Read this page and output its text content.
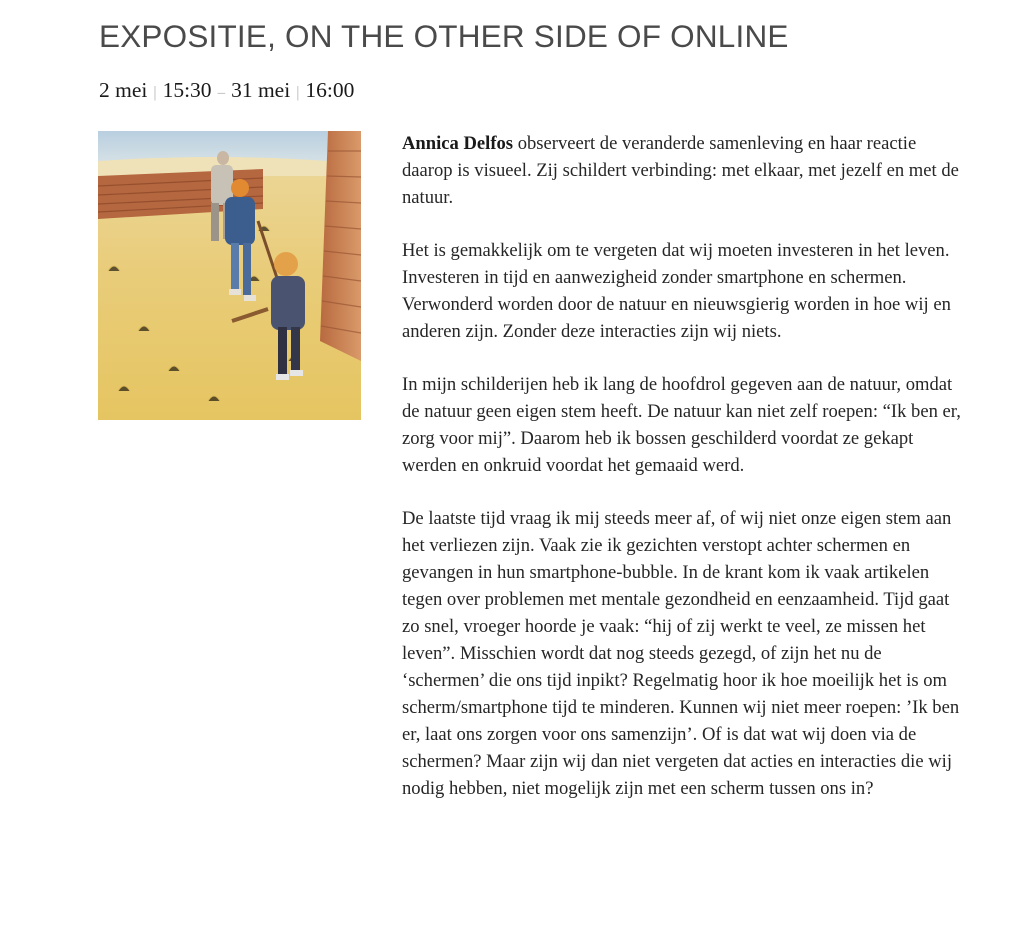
EXPOSITIE, ON THE OTHER SIDE OF ONLINE
2 mei | 15:30 – 31 mei | 16:00

Annica Delfos observeert de veranderde samenleving en haar reactie daarop is visueel. Zij schildert verbinding: met elkaar, met jezelf en met de natuur.

Het is gemakkelijk om te vergeten dat wij moeten investeren in het leven. Investeren in tijd en aanwezigheid zonder smartphone en schermen. Verwonderd worden door de natuur en nieuwsgierig worden in hoe wij en anderen zijn. Zonder deze interacties zijn wij niets.

In mijn schilderijen heb ik lang de hoofdrol gegeven aan de natuur, omdat de natuur geen eigen stem heeft. De natuur kan niet zelf roepen: “Ik ben er, zorg voor mij”. Daarom heb ik bossen geschilderd voordat ze gekapt werden en onkruid voordat het gemaaid werd.

De laatste tijd vraag ik mij steeds meer af, of wij niet onze eigen stem aan het verliezen zijn. Vaak zie ik gezichten verstopt achter schermen en gevangen in hun smartphone-bubble. In de krant kom ik vaak artikelen tegen over problemen met mentale gezondheid en eenzaamheid. Tijd gaat zo snel, vroeger hoorde je vaak: “hij of zij werkt te veel, ze missen het leven”. Misschien wordt dat nog steeds gezegd, of zijn het nu de ‘schermen’ die ons tijd inpikt? Regelmatig hoor ik hoe moeilijk het is om scherm/smartphone tijd te minderen. Kunnen wij niet meer roepen: ’Ik ben er, laat ons zorgen voor ons samenzijn’. Of is dat wat wij doen via de schermen? Maar zijn wij dan niet vergeten dat acties en interacties die wij nodig hebben, niet mogelijk zijn met een scherm tussen ons in?
